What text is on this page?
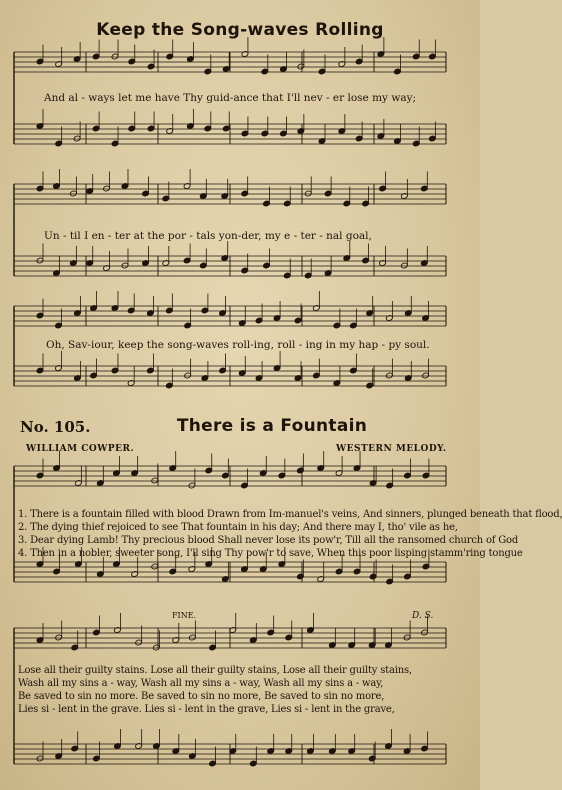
Keep the Song-waves Rolling
And al - ways let me have Thy guid-ance that I'll nev - er lose my way;
Un - til I en - ter at the por - tals yon-der, my e - ter - nal goal,
Oh, Sav-iour, keep the song-waves roll-ing, roll - ing in my hap - py soul.
No. 105.	There is a Fountain
WILLIAM COWPER.	WESTERN MELODY.
1. There is a fountain filled with blood Drawn from Im-manuel's veins, And sinners, plunged beneath that flood,
2. The dying thief rejoiced to see That fountain in his day; And there may I, tho' vile as he,
3. Dear dying Lamb! Thy precious blood Shall never lose its pow'r, Till all the ransomed church of God
4. Then in a nobler, sweeter song, I'll sing Thy pow'r to save, When this poor lisping stamm'ring tongue
FINE.	D. S.
Lose all their guilty stains. Lose all their guilty stains, Lose all their guilty stains,
Wash all my sins a - way, Wash all my sins a - way, Wash all my sins a - way,
Be saved to sin no more. Be saved to sin no more, Be saved to sin no more,
Lies si - lent in the grave. Lies si - lent in the grave, Lies si - lent in the grave,
